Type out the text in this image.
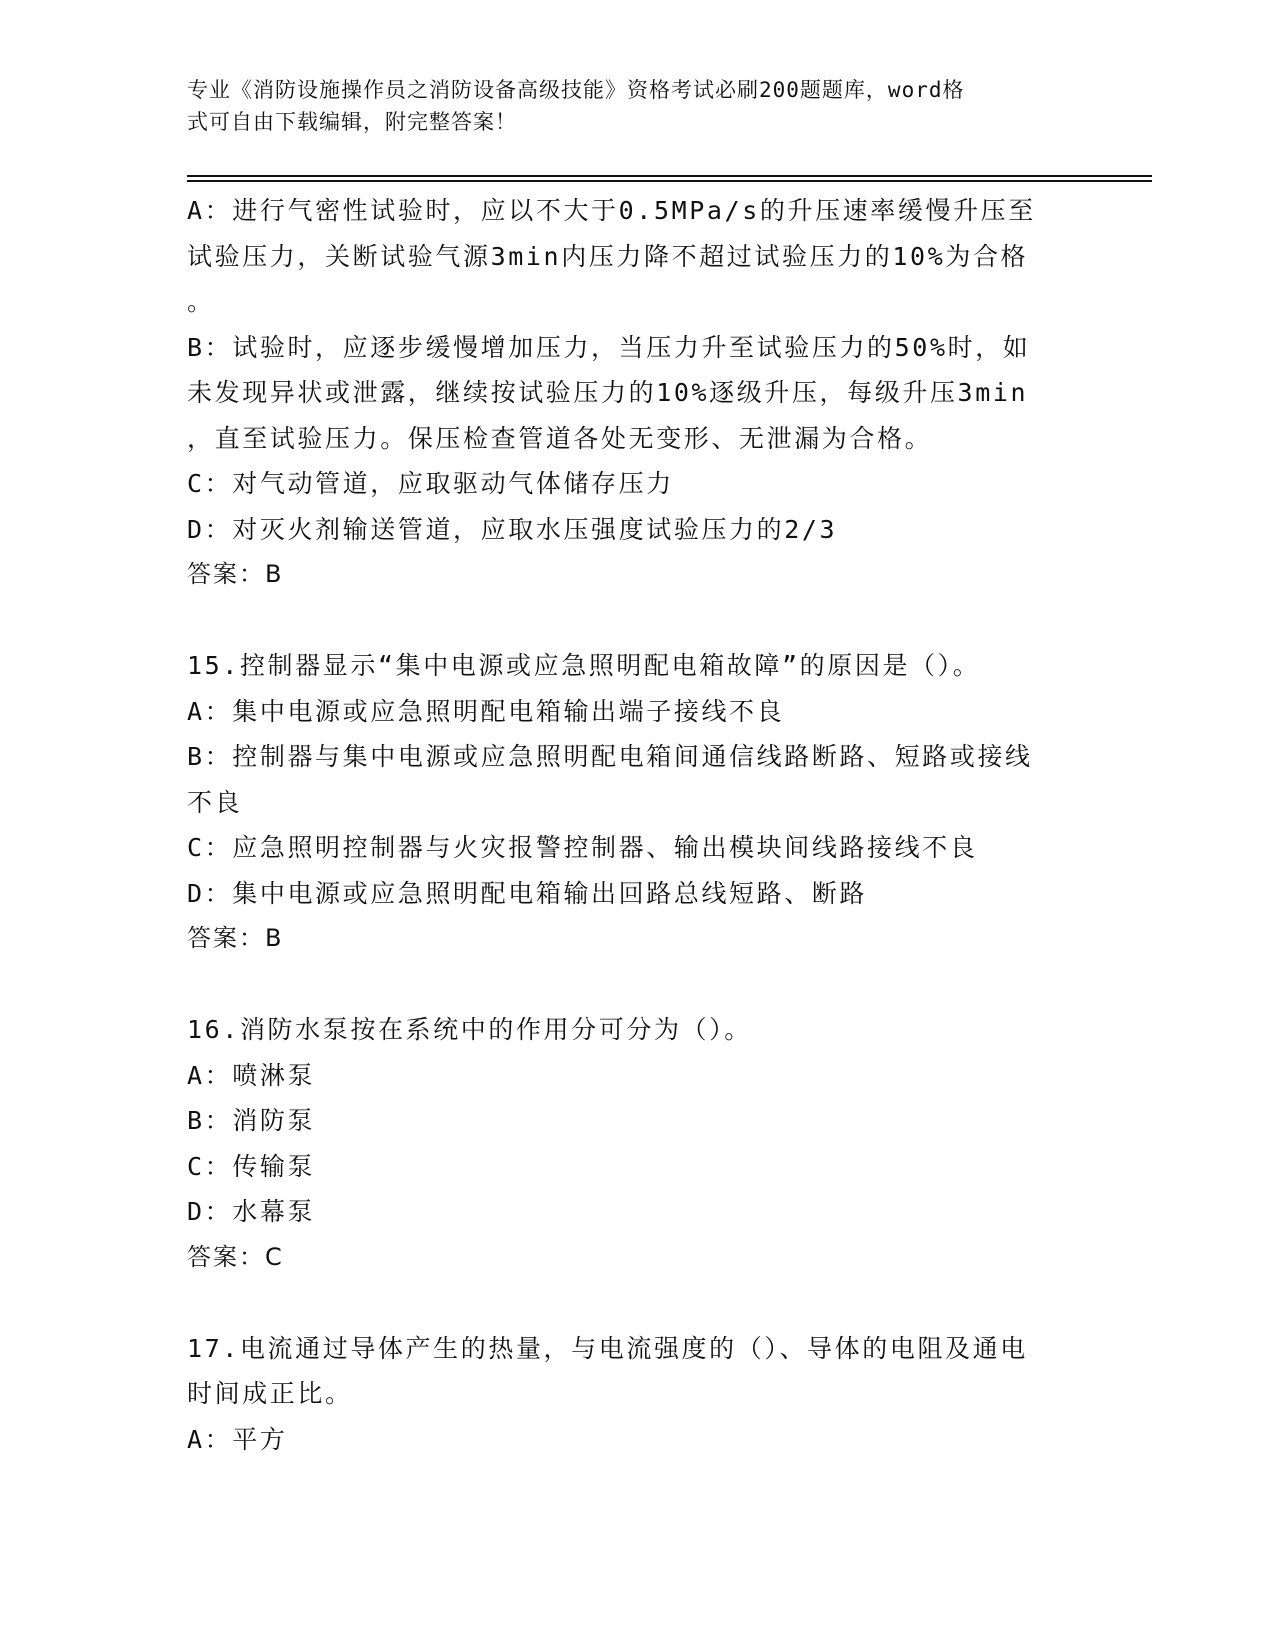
专业《消防设施操作员之消防设备高级技能》资格考试必刷200题题库，word格
式可自由下载编辑，附完整答案！
A：进行气密性试验时，应以不大于0.5MPa/s的升压速率缓慢升压至
试验压力，关断试验气源3min内压力降不超过试验压力的10%为合格
。
B：试验时，应逐步缓慢增加压力，当压力升至试验压力的50%时，如
未发现异状或泄露，继续按试验压力的10%逐级升压，每级升压3min
，直至试验压力。保压检查管道各处无变形、无泄漏为合格。
C：对气动管道，应取驱动气体储存压力
D：对灭火剂输送管道，应取水压强度试验压力的2/3
答案：B
15.控制器显示“集中电源或应急照明配电箱故障”的原因是（）。
A：集中电源或应急照明配电箱输出端子接线不良
B：控制器与集中电源或应急照明配电箱间通信线路断路、短路或接线
不良
C：应急照明控制器与火灾报警控制器、输出模块间线路接线不良
D：集中电源或应急照明配电箱输出回路总线短路、断路
答案：B
16.消防水泵按在系统中的作用分可分为（）。
A：喷淋泵
B：消防泵
C：传输泵
D：水幕泵
答案：C
17.电流通过导体产生的热量，与电流强度的（）、导体的电阻及通电
时间成正比。
A：平方
